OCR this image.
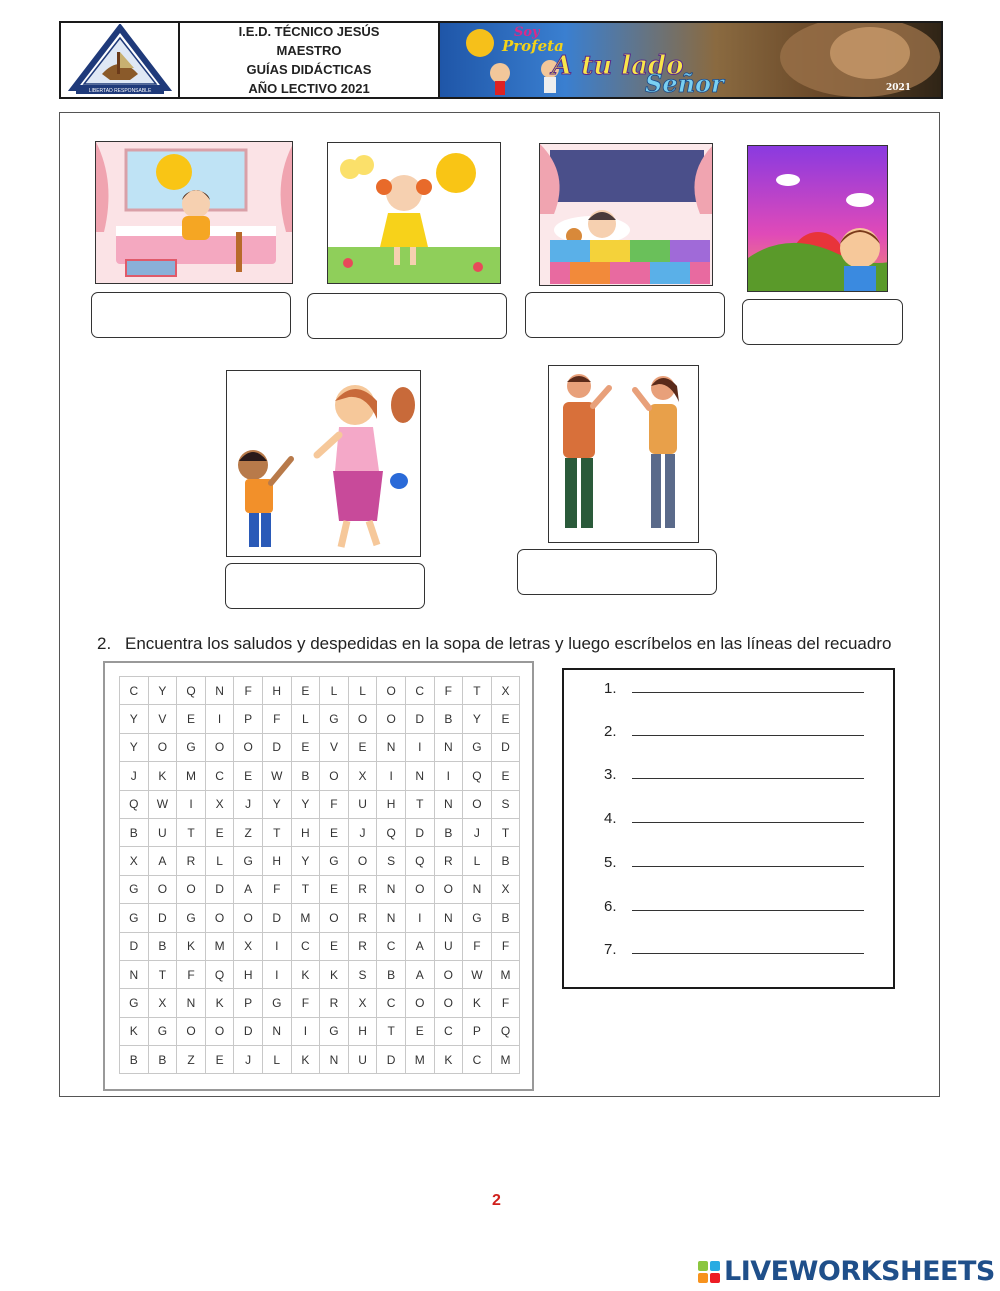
LIBERTAD RESPONSABLE
I.E.D. TÉCNICO JESÚS
MAESTRO
GUÍAS DIDÁCTICAS
AÑO LECTIVO 2021
Soy
Profeta
A tu lado
Señor	2021
2. Encuentra los saludos y despedidas en la sopa de letras y luego escríbelos en las líneas del recuadro
C	Y	Q	N	F	H	E	L	L	O	C	F	T	X
Y	V	E	I	P	F	L	G	O	O	D	B	Y	E
Y	O	G	O	O	D	E	V	E	N	I	N	G	D
J	K	M	C	E	W	B	O	X	I	N	I	Q	E
Q	W	I	X	J	Y	Y	F	U	H	T	N	O	S
B	U	T	E	Z	T	H	E	J	Q	D	B	J	T
X	A	R	L	G	H	Y	G	O	S	Q	R	L	B
G	O	O	D	A	F	T	E	R	N	O	O	N	X
G	D	G	O	O	D	M	O	R	N	I	N	G	B
D	B	K	M	X	I	C	E	R	C	A	U	F	F
N	T	F	Q	H	I	K	K	S	B	A	O	W	M
G	X	N	K	P	G	F	R	X	C	O	O	K	F
K	G	O	O	D	N	I	G	H	T	E	C	P	Q
B	B	Z	E	J	L	K	N	U	D	M	K	C	M
1.
2.
3.
4.
5.
6.
7.
2
LIVEWORKSHEETS
